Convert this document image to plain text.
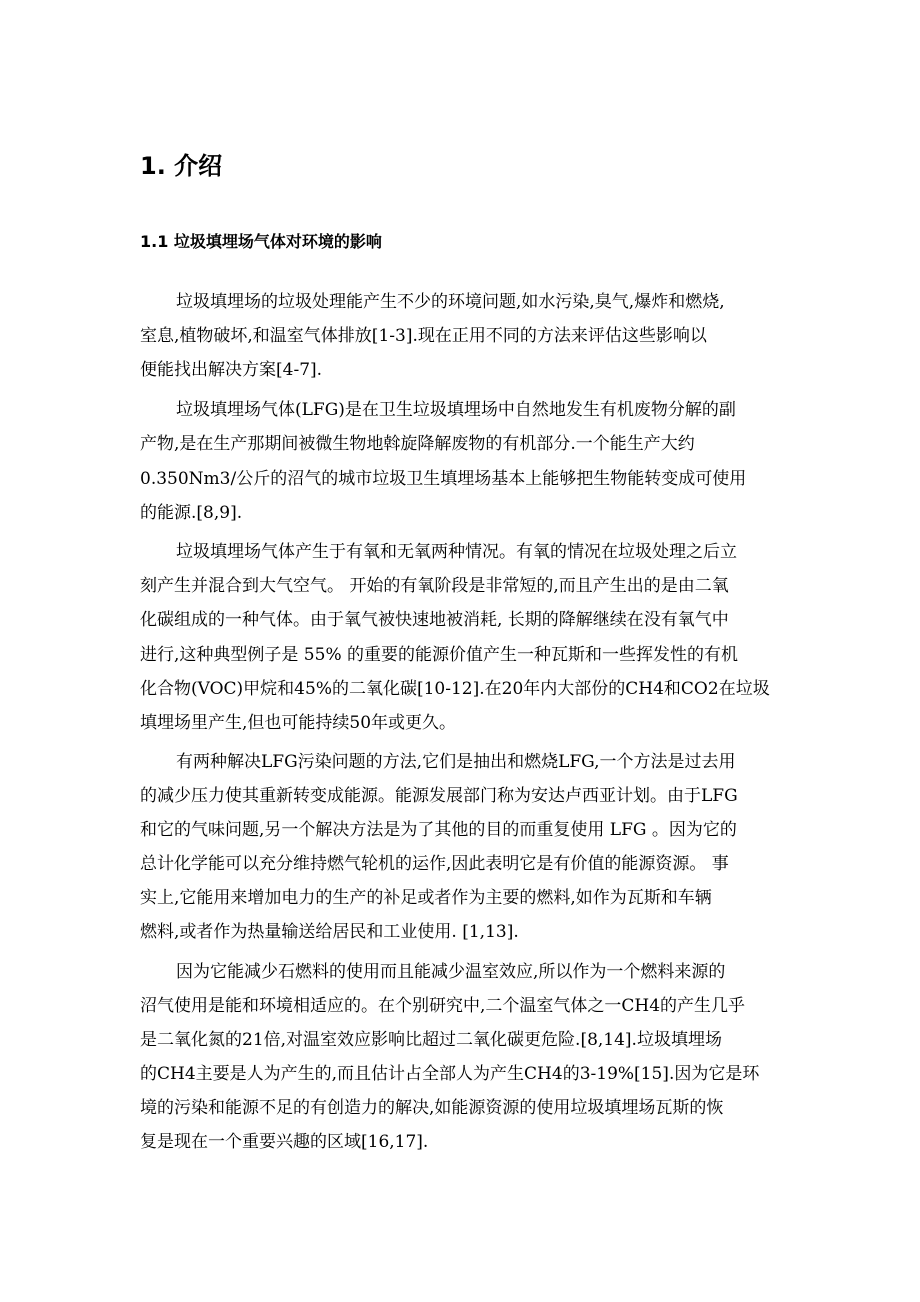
1. 介绍
1.1 垃圾填埋场气体对环境的影响
垃圾填埋场的垃圾处理能产生不少的环境问题,如水污染,臭气,爆炸和燃烧,
室息,植物破坏,和温室气体排放[1-3].现在正用不同的方法来评估这些影响以
便能找出解决方案[4-7].
垃圾填埋场气体(LFG)是在卫生垃圾填埋场中自然地发生有机废物分解的副
产物,是在生产那期间被微生物地斡旋降解废物的有机部分.一个能生产大约
0.350Nm3/公斤的沼气的城市垃圾卫生填埋场基本上能够把生物能转变成可使用
的能源.[8,9].
垃圾填埋场气体产生于有氧和无氧两种情况。有氧的情况在垃圾处理之后立
刻产生并混合到大气空气。 开始的有氧阶段是非常短的,而且产生出的是由二氧
化碳组成的一种气体。由于氧气被快速地被消耗, 长期的降解继续在没有氧气中
进行,这种典型例子是 55% 的重要的能源价值产生一种瓦斯和一些挥发性的有机
化合物(VOC)甲烷和45%的二氧化碳[10-12].在20年内大部份的CH4和CO2在垃圾
填埋场里产生,但也可能持续50年或更久。
有两种解决LFG污染问题的方法,它们是抽出和燃烧LFG,一个方法是过去用
的减少压力使其重新转变成能源。能源发展部门称为安达卢西亚计划。由于LFG
和它的气味问题,另一个解决方法是为了其他的目的而重复使用 LFG 。因为它的
总计化学能可以充分维持燃气轮机的运作,因此表明它是有价值的能源资源。 事
实上,它能用来增加电力的生产的补足或者作为主要的燃料,如作为瓦斯和车辆
燃料,或者作为热量输送给居民和工业使用. [1,13].
因为它能减少石燃料的使用而且能减少温室效应,所以作为一个燃料来源的
沼气使用是能和环境相适应的。在个别研究中,二个温室气体之一CH4的产生几乎
是二氧化氮的21倍,对温室效应影响比超过二氧化碳更危险.[8,14].垃圾填埋场
的CH4主要是人为产生的,而且估计占全部人为产生CH4的3-19%[15].因为它是环
境的污染和能源不足的有创造力的解决,如能源资源的使用垃圾填埋场瓦斯的恢
复是现在一个重要兴趣的区域[16,17].
